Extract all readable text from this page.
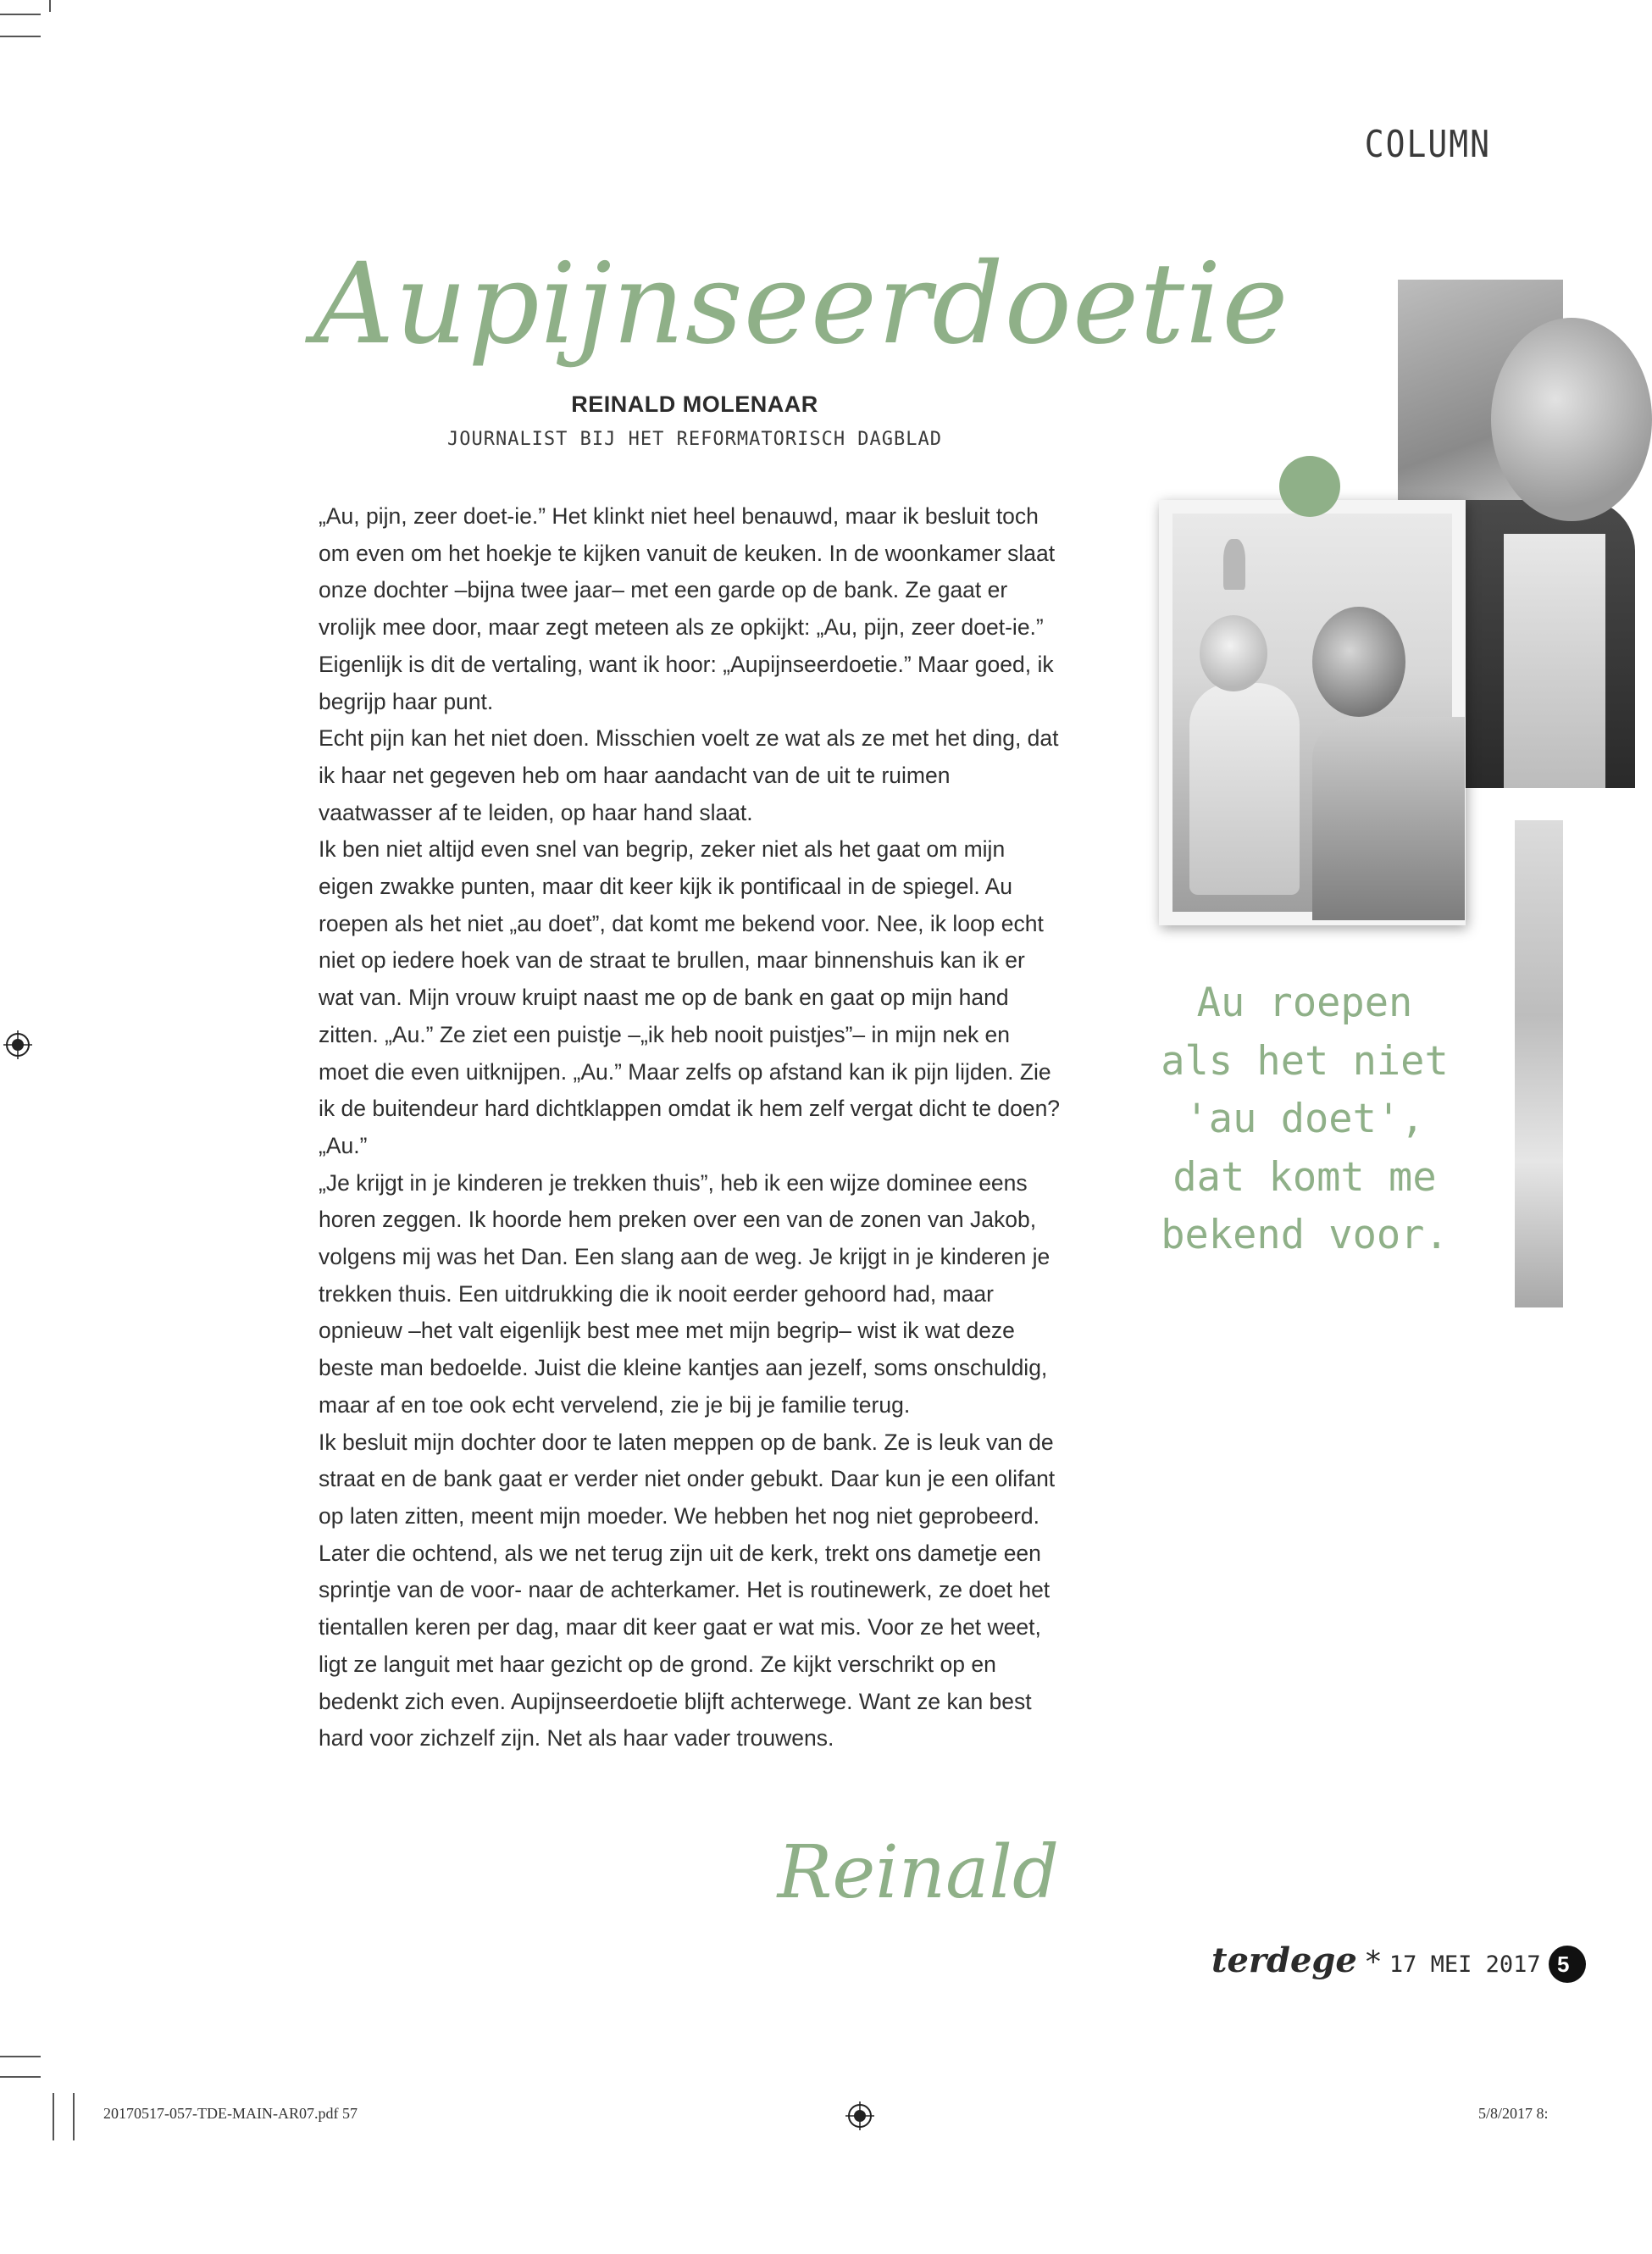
COLUMN
Aupijnseerdoetie
REINALD MOLENAAR
JOURNALIST BIJ HET REFORMATORISCH DAGBLAD

„Au, pijn, zeer doet-ie.” Het klinkt niet heel benauwd, maar ik besluit toch om even om het hoekje te kijken vanuit de keuken. In de woonkamer slaat onze dochter –bijna twee jaar– met een garde op de bank. Ze gaat er vrolijk mee door, maar zegt meteen als ze opkijkt: „Au, pijn, zeer doet-ie.” Eigenlijk is dit de vertaling, want ik hoor: „Aupijnseerdoetie.” Maar goed, ik begrijp haar punt.

Echt pijn kan het niet doen. Misschien voelt ze wat als ze met het ding, dat ik haar net gegeven heb om haar aandacht van de uit te ruimen vaatwasser af te leiden, op haar hand slaat.

Ik ben niet altijd even snel van begrip, zeker niet als het gaat om mijn eigen zwakke punten, maar dit keer kijk ik pontificaal in de spiegel. Au roepen als het niet „au doet”, dat komt me bekend voor. Nee, ik loop echt niet op iedere hoek van de straat te brullen, maar binnenshuis kan ik er wat van. Mijn vrouw kruipt naast me op de bank en gaat op mijn hand zitten. „Au.” Ze ziet een puistje –„ik heb nooit puistjes”– in mijn nek en moet die even uitknijpen. „Au.” Maar zelfs op afstand kan ik pijn lijden. Zie ik de buitendeur hard dichtklappen omdat ik hem zelf vergat dicht te doen? „Au.”

„Je krijgt in je kinderen je trekken thuis”, heb ik een wijze dominee eens horen zeggen. Ik hoorde hem preken over een van de zonen van Jakob, volgens mij was het Dan. Een slang aan de weg. Je krijgt in je kinderen je trekken thuis. Een uitdrukking die ik nooit eerder gehoord had, maar opnieuw –het valt eigenlijk best mee met mijn begrip– wist ik wat deze beste man bedoelde. Juist die kleine kantjes aan jezelf, soms onschuldig, maar af en toe ook echt vervelend, zie je bij je familie terug.

Ik besluit mijn dochter door te laten meppen op de bank. Ze is leuk van de straat en de bank gaat er verder niet onder gebukt. Daar kun je een olifant op laten zitten, meent mijn moeder. We hebben het nog niet geprobeerd.

Later die ochtend, als we net terug zijn uit de kerk, trekt ons dametje een sprintje van de voor- naar de achterkamer. Het is routinewerk, ze doet het tientallen keren per dag, maar dit keer gaat er wat mis. Voor ze het weet, ligt ze languit met haar gezicht op de grond. Ze kijkt verschrikt op en bedenkt zich even. Aupijnseerdoetie blijft achterwege. Want ze kan best hard voor zichzelf zijn. Net als haar vader trouwens.

Reinald
Au roepen
als het niet
'au doet',
dat komt me
bekend voor.
terdege * 17 MEI 2017 5
20170517-057-TDE-MAIN-AR07.pdf 57	5/8/2017 8:
